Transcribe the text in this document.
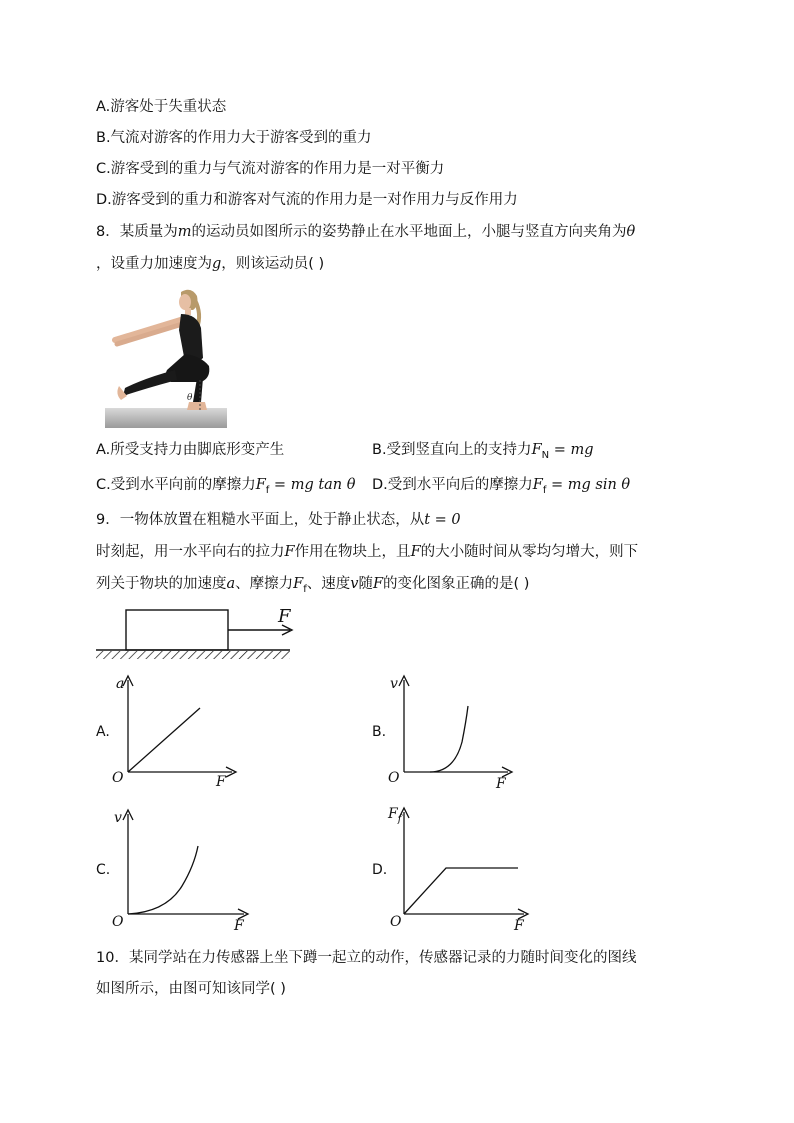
A.游客处于失重状态
B.气流对游客的作用力大于游客受到的重力
C.游客受到的重力与气流对游客的作用力是一对平衡力
D.游客受到的重力和游客对气流的作用力是一对作用力与反作用力
8．某质量为m的运动员如图所示的姿势静止在水平地面上，小腿与竖直方向夹角为θ
，设重力加速度为g，则该运动员( )
θ
A.所受支持力由脚底形变产生	B.受到竖直向上的支持力$F_N$ = mg
C.受到水平向前的摩擦力$F_f$ = mg tan θ D.受到水平向后的摩擦力$F_f$ = mg sin θ
9．一物体放置在粗糙水平面上，处于静止状态，从t = 0
时刻起，用一水平向右的拉力F作用在物块上，且F的大小随时间从零均匀增大，则下
列关于物块的加速度a、摩擦力$F_f$、速度v随F的变化图象正确的是( )
F
A.
a
O	F
B.
v
O	F
C.
v
O	F
D.
$F_f$
O	F
10．某同学站在力传感器上坐下蹲一起立的动作，传感器记录的力随时间变化的图线
如图所示，由图可知该同学( )
